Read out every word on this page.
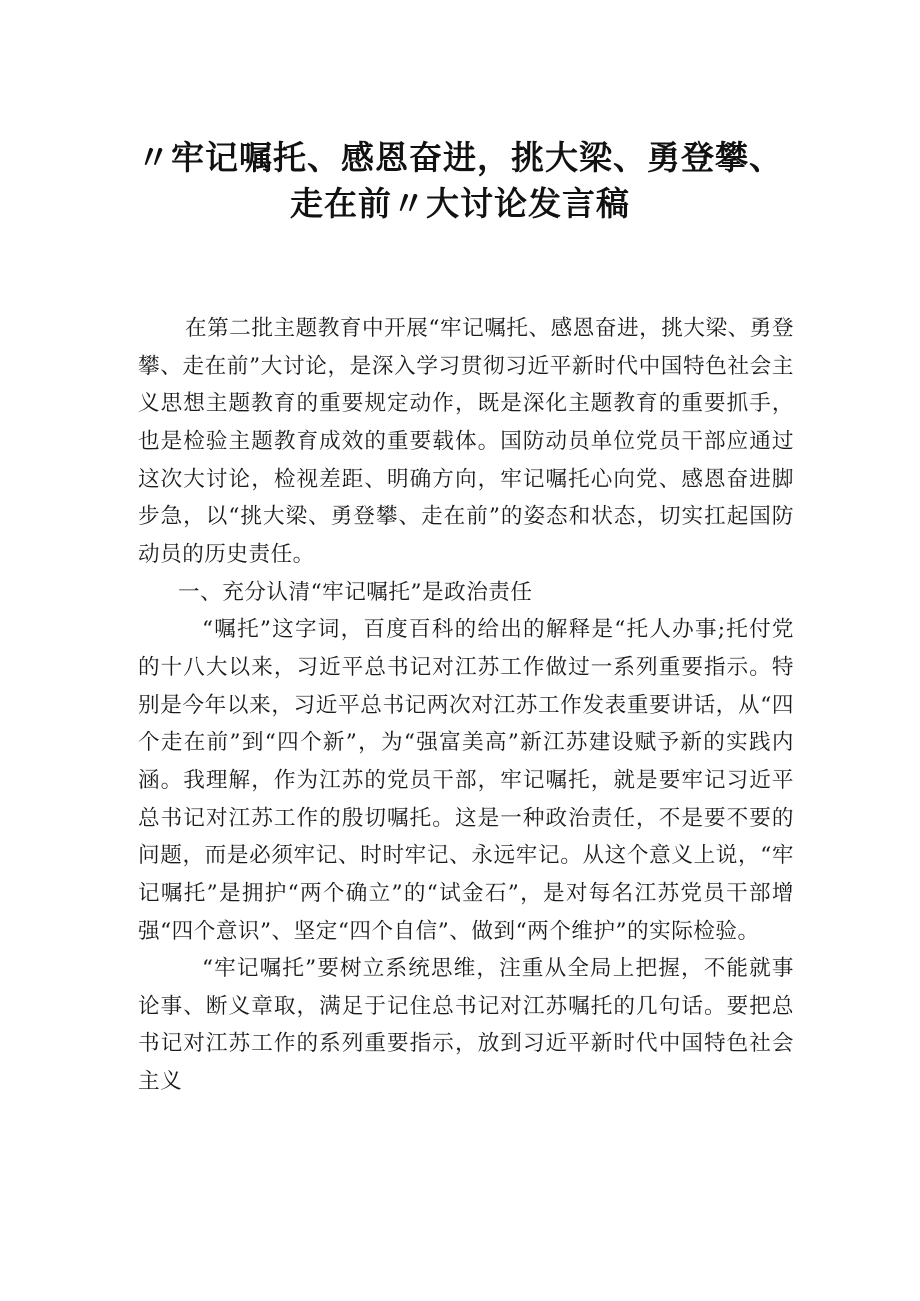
〃牢记嘱托、感恩奋进，挑大梁、勇登攀、
走在前〃大讨论发言稿

在第二批主题教育中开展“牢记嘱托、感恩奋进，挑大梁、勇登攀、走在前”大讨论，是深入学习贯彻习近平新时代中国特色社会主义思想主题教育的重要规定动作，既是深化主题教育的重要抓手，也是检验主题教育成效的重要载体。国防动员单位党员干部应通过这次大讨论，检视差距、明确方向，牢记嘱托心向党、感恩奋进脚步急，以“挑大梁、勇登攀、走在前”的姿态和状态，切实扛起国防动员的历史责任。

一、充分认清“牢记嘱托”是政治责任

“嘱托”这字词，百度百科的给出的解释是“托人办事;托付党的十八大以来，习近平总书记对江苏工作做过一系列重要指示。特别是今年以来，习近平总书记两次对江苏工作发表重要讲话，从“四个走在前”到“四个新”，为“强富美高”新江苏建设赋予新的实践内涵。我理解，作为江苏的党员干部，牢记嘱托，就是要牢记习近平总书记对江苏工作的殷切嘱托。这是一种政治责任，不是要不要的问题，而是必须牢记、时时牢记、永远牢记。从这个意义上说，“牢记嘱托”是拥护“两个确立”的“试金石”，是对每名江苏党员干部增强“四个意识”、坚定“四个自信”、做到“两个维护”的实际检验。

“牢记嘱托”要树立系统思维，注重从全局上把握，不能就事论事、断义章取，满足于记住总书记对江苏嘱托的几句话。要把总书记对江苏工作的系列重要指示，放到习近平新时代中国特色社会主义
